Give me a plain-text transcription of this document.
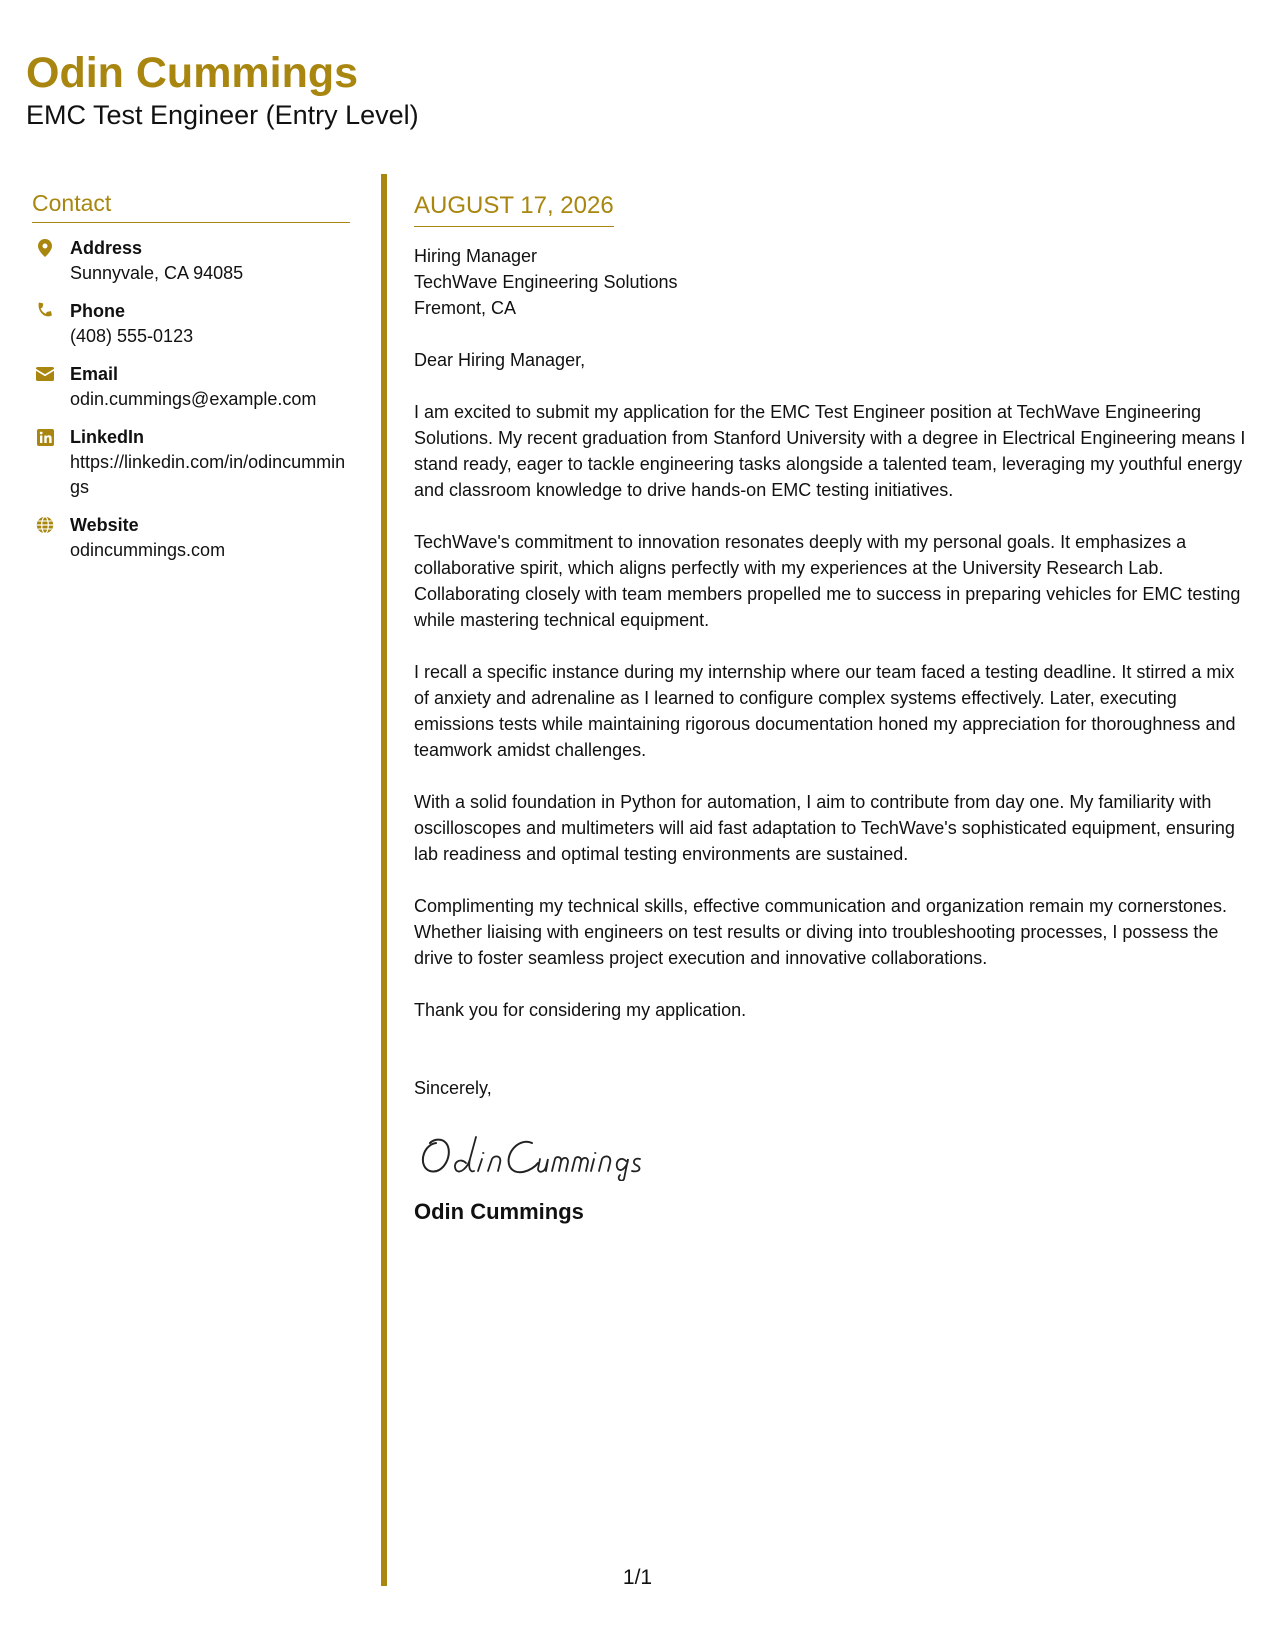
Odin Cummings
EMC Test Engineer (Entry Level)
Contact
Address
Sunnyvale, CA 94085
Phone
(408) 555-0123
Email
odin.cummings@example.com
LinkedIn
https://linkedin.com/in/odincummings
Website
odincummings.com
AUGUST 17, 2026
Hiring Manager
TechWave Engineering Solutions
Fremont, CA
Dear Hiring Manager,
I am excited to submit my application for the EMC Test Engineer position at TechWave Engineering Solutions. My recent graduation from Stanford University with a degree in Electrical Engineering means I stand ready, eager to tackle engineering tasks alongside a talented team, leveraging my youthful energy and classroom knowledge to drive hands-on EMC testing initiatives.
TechWave's commitment to innovation resonates deeply with my personal goals. It emphasizes a collaborative spirit, which aligns perfectly with my experiences at the University Research Lab. Collaborating closely with team members propelled me to success in preparing vehicles for EMC testing while mastering technical equipment.
I recall a specific instance during my internship where our team faced a testing deadline. It stirred a mix of anxiety and adrenaline as I learned to configure complex systems effectively. Later, executing emissions tests while maintaining rigorous documentation honed my appreciation for thoroughness and teamwork amidst challenges.
With a solid foundation in Python for automation, I aim to contribute from day one. My familiarity with oscilloscopes and multimeters will aid fast adaptation to TechWave's sophisticated equipment, ensuring lab readiness and optimal testing environments are sustained.
Complimenting my technical skills, effective communication and organization remain my cornerstones. Whether liaising with engineers on test results or diving into troubleshooting processes, I possess the drive to foster seamless project execution and innovative collaborations.
Thank you for considering my application.
Sincerely,
Odin Cummings
1/1
